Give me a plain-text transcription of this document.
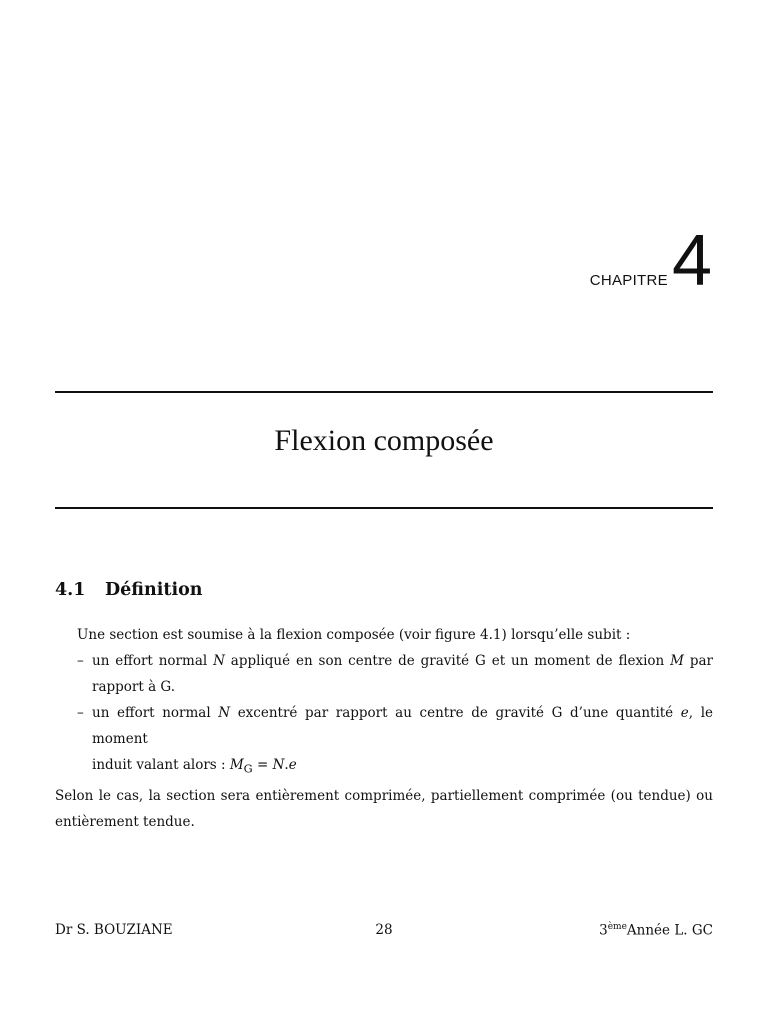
CHAPITRE 4
Flexion composée
4.1 Définition

Une section est soumise à la flexion composée (voir figure 4.1) lorsqu’elle subit :

– un effort normal N appliqué en son centre de gravité G et un moment de flexion M par

rapport à G.

– un effort normal N excentré par rapport au centre de gravité G d’une quantité e, le moment

induit valant alors : $M_G = N.e$

Selon le cas, la section sera entièrement comprimée, partiellement comprimée (ou tendue) ou

entièrement tendue.

Dr S. BOUZIANE	28	3èmeAnnée L. GC
